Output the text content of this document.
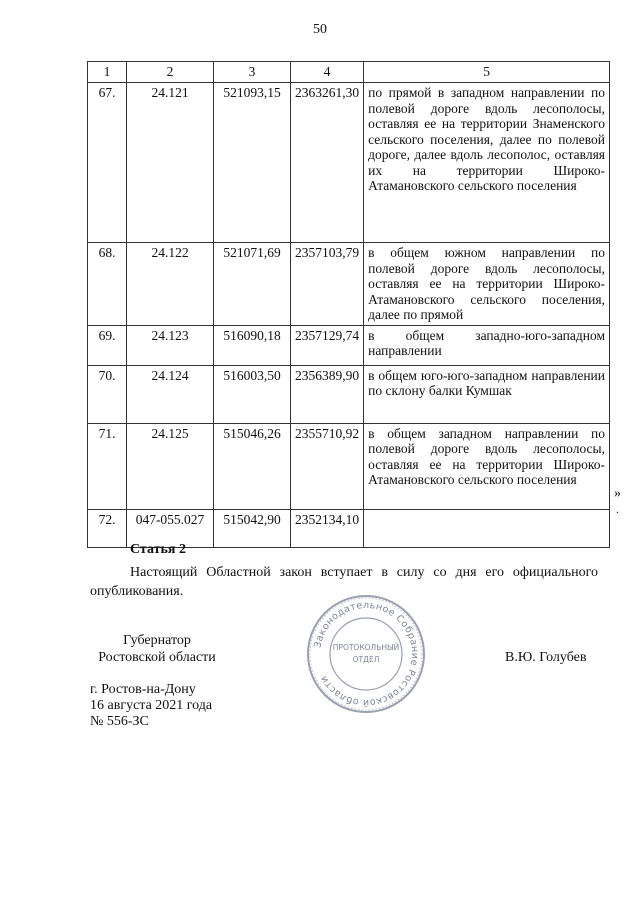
50
1	2	3	4	5
67.	24.121	521093,15	2363261,30	по прямой в западном направлении по полевой дороге вдоль лесополосы, оставляя ее на территории Знаменского сельского поселения, далее по полевой дороге, далее вдоль лесополос, оставляя их на территории Широко-Атамановского сельского поселения
68.	24.122	521071,69	2357103,79	в общем южном направлении по полевой дороге вдоль лесополосы, оставляя ее на территории Широко-Атамановского сельского поселения, далее по прямой
69.	24.123	516090,18	2357129,74	в общем западно-юго-западном направлении
70.	24.124	516003,50	2356389,90	в общем юго-юго-западном направлении по склону балки Кумшак
71.	24.125	515046,26	2355710,92	в общем западном направлении по полевой дороге вдоль лесополосы, оставляя ее на территории Широко-Атамановского сельского поселения
72.	047-055.027	515042,90	2352134,10	
»
.
Статья 2
Настоящий Областной закон вступает в силу со дня его официального опубликования.
Губернатор
Ростовской области
Законодательное Собрание Ростовской области
ПРОТОКОЛЬНЫЙ
ОТДЕЛ	В.Ю. Голубев
г. Ростов-на-Дону
16 августа 2021 года
№ 556-ЗС
